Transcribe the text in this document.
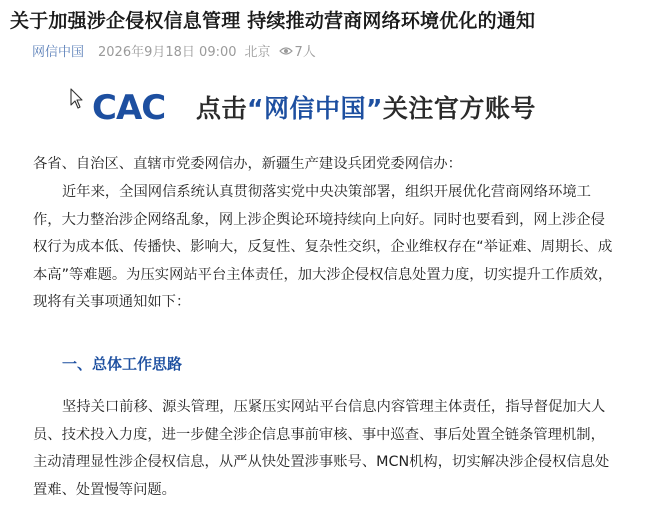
关于加强涉企侵权信息管理 持续推动营商网络环境优化的通知
网信中国 2026年9月18日 09:00 北京 7人
CAC 点击“网信中国”关注官方账号
各省、自治区、直辖市党委网信办，新疆生产建设兵团党委网信办：
近年来，全国网信系统认真贯彻落实党中央决策部署，组织开展优化营商网络环境工
作，大力整治涉企网络乱象，网上涉企舆论环境持续向上向好。同时也要看到，网上涉企侵
权行为成本低、传播快、影响大，反复性、复杂性交织，企业维权存在“举证难、周期长、成
本高”等难题。为压实网站平台主体责任，加大涉企侵权信息处置力度，切实提升工作质效，
现将有关事项通知如下：
一、总体工作思路
坚持关口前移、源头管理，压紧压实网站平台信息内容管理主体责任，指导督促加大人
员、技术投入力度，进一步健全涉企信息事前审核、事中巡查、事后处置全链条管理机制，
主动清理显性涉企侵权信息，从严从快处置涉事账号、MCN机构，切实解决涉企侵权信息处
置难、处置慢等问题。
